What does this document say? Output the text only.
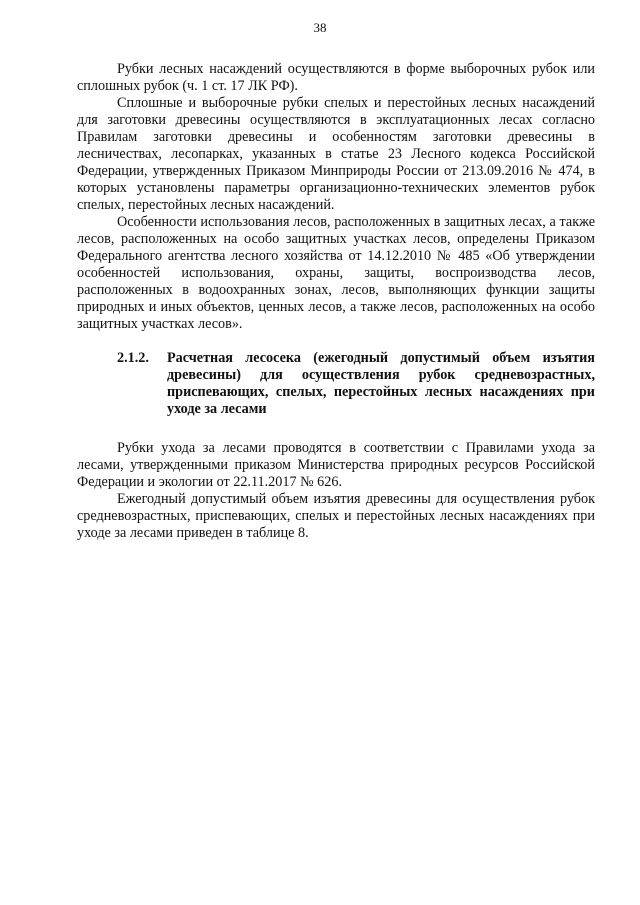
38

Рубки лесных насаждений осуществляются в форме выборочных рубок или сплошных рубок (ч. 1 ст. 17 ЛК РФ).

Сплошные и выборочные рубки спелых и перестойных лесных насаждений для заготовки древесины осуществляются в эксплуатационных лесах согласно Правилам заготовки древесины и особенностям заготовки древесины в лесничествах, лесопарках, указанных в статье 23 Лесного кодекса Российской Федерации, утвержденных Приказом Минприроды России от 213.09.2016 № 474, в которых установлены параметры организационно-технических элементов рубок спелых, перестойных лесных насаждений.

Особенности использования лесов, расположенных в защитных лесах, а также лесов, расположенных на особо защитных участках лесов, определены Приказом Федерального агентства лесного хозяйства от 14.12.2010 № 485 «Об утверждении особенностей использования, охраны, защиты, воспроизводства лесов, расположенных в водоохранных зонах, лесов, выполняющих функции защиты природных и иных объектов, ценных лесов, а также лесов, расположенных на особо защитных участках лесов».

2.1.2.	Расчетная лесосека (ежегодный допустимый объем изъятия древесины) для осуществления рубок средневозрастных, приспевающих, спелых, перестойных лесных насаждениях при уходе за лесами

Рубки ухода за лесами проводятся в соответствии с Правилами ухода за лесами, утвержденными приказом Министерства природных ресурсов Российской Федерации и экологии от 22.11.2017 № 626.

Ежегодный допустимый объем изъятия древесины для осуществления рубок средневозрастных, приспевающих, спелых и перестойных лесных насаждениях при уходе за лесами приведен в таблице 8.
